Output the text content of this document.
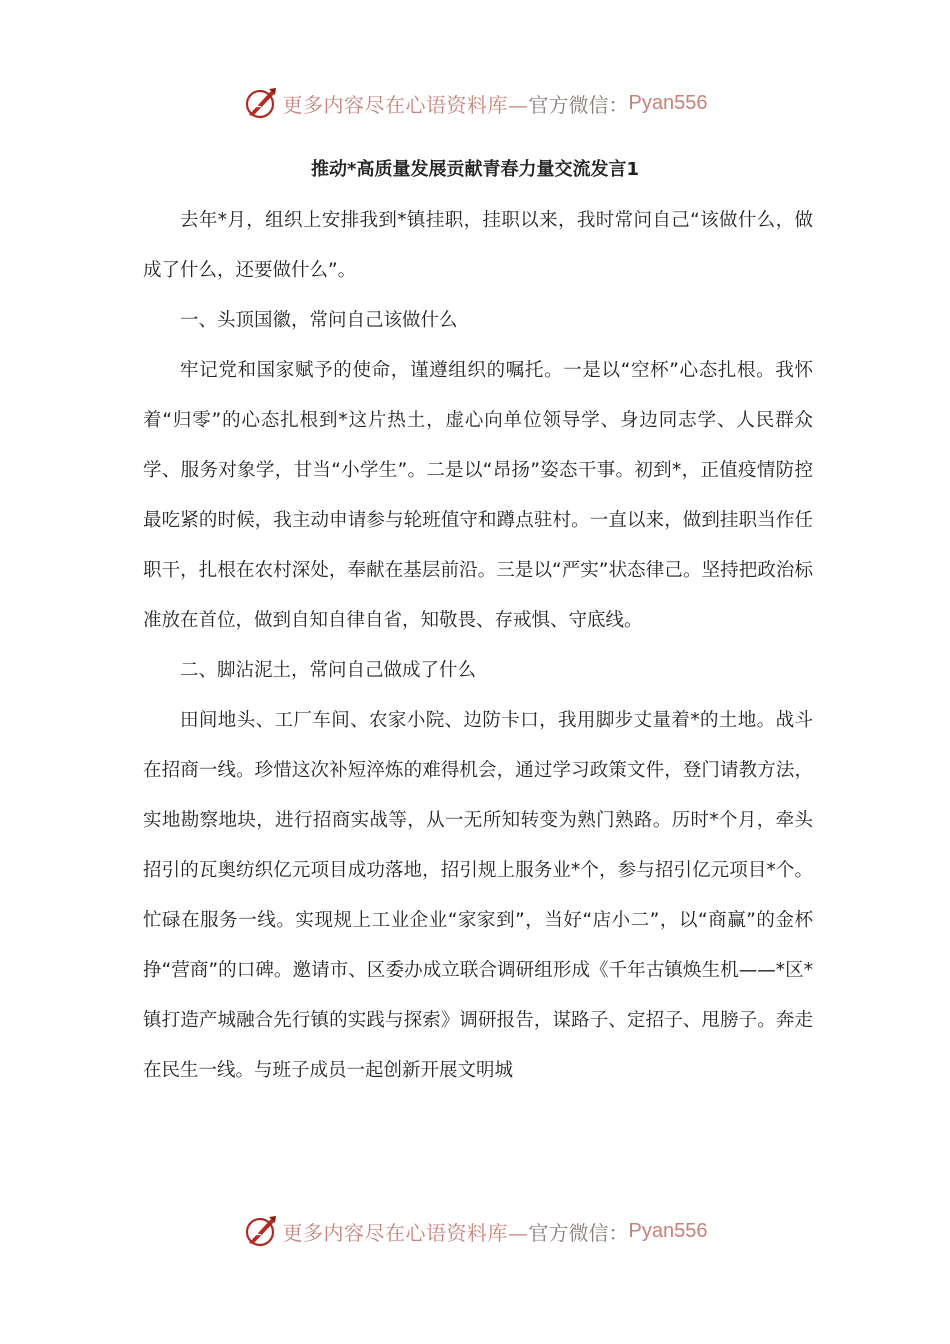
更多内容尽在心语资料库— 官方微信： Pyan556
推动*高质量发展贡献青春力量交流发言1

去年*月，组织上安排我到*镇挂职，挂职以来，我时常问自己“该做什么，做成了什么，还要做什么”。

一、头顶国徽，常问自己该做什么

牢记党和国家赋予的使命，谨遵组织的嘱托。一是以“空杯”心态扎根。我怀着“归零”的心态扎根到*这片热土，虚心向单位领导学、身边同志学、人民群众学、服务对象学，甘当“小学生”。二是以“昂扬”姿态干事。初到*，正值疫情防控最吃紧的时候，我主动申请参与轮班值守和蹲点驻村。一直以来，做到挂职当作任职干，扎根在农村深处，奉献在基层前沿。三是以“严实”状态律己。坚持把政治标准放在首位，做到自知自律自省，知敬畏、存戒惧、守底线。

二、脚沾泥土，常问自己做成了什么

田间地头、工厂车间、农家小院、边防卡口，我用脚步丈量着*的土地。战斗在招商一线。珍惜这次补短淬炼的难得机会，通过学习政策文件，登门请教方法，实地勘察地块，进行招商实战等，从一无所知转变为熟门熟路。历时*个月，牵头招引的瓦奥纺织亿元项目成功落地，招引规上服务业*个，参与招引亿元项目*个。忙碌在服务一线。实现规上工业企业“家家到”，当好“店小二”，以“商赢”的金杯挣“营商”的口碑。邀请市、区委办成立联合调研组形成《千年古镇焕生机——*区*镇打造产城融合先行镇的实践与探索》调研报告，谋路子、定招子、甩膀子。奔走在民生一线。与班子成员一起创新开展文明城

更多内容尽在心语资料库— 官方微信： Pyan556
